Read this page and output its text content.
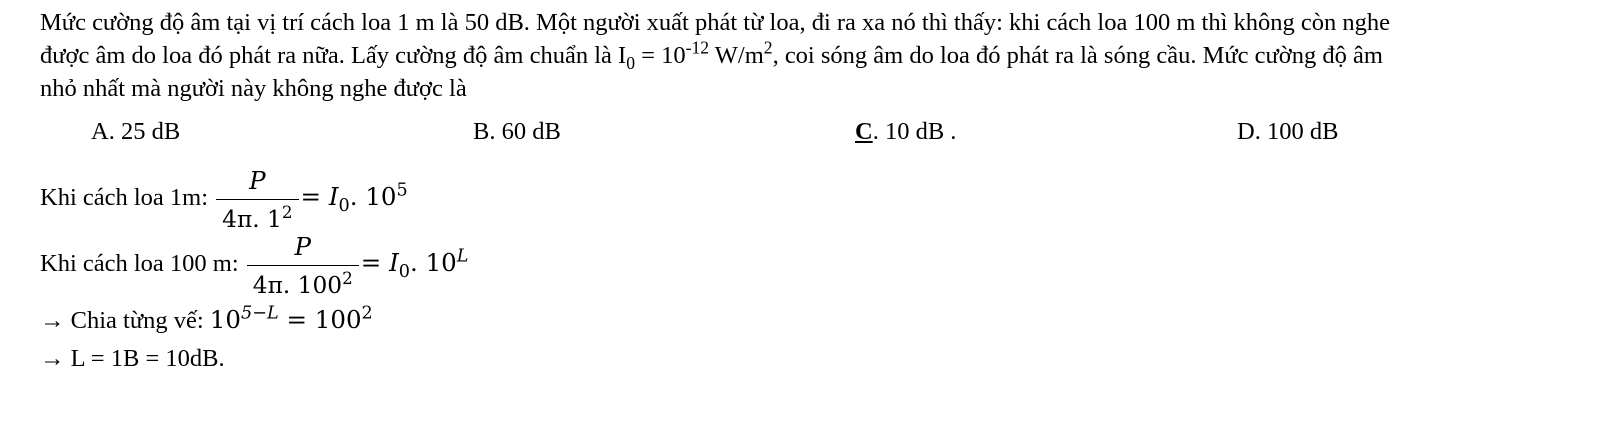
Mức cường độ âm tại vị trí cách loa 1 m là 50 dB. Một người xuất phát từ loa, đi ra xa nó thì thấy: khi cách loa 100 m thì không còn nghe

được âm do loa đó phát ra nữa. Lấy cường độ âm chuẩn là $I_0 = 10^{-12}$ $W/m^2$, coi sóng âm do loa đó phát ra là sóng cầu. Mức cường độ âm

nhỏ nhất mà người này không nghe được là

A. 25 dB	B. 60 dB	C. 10 dB .	D. 100 dB
Khi cách loa 1m: $\frac{P}{4\pi. 1^2} = I_0$. $10^5$
Khi cách loa 100 m: $\frac{P}{4\pi. 100^2} = I_0$. $10^L$
→ Chia từng vế: $10^{5-L} = 100^2$
→ L = 1B = 10dB.
